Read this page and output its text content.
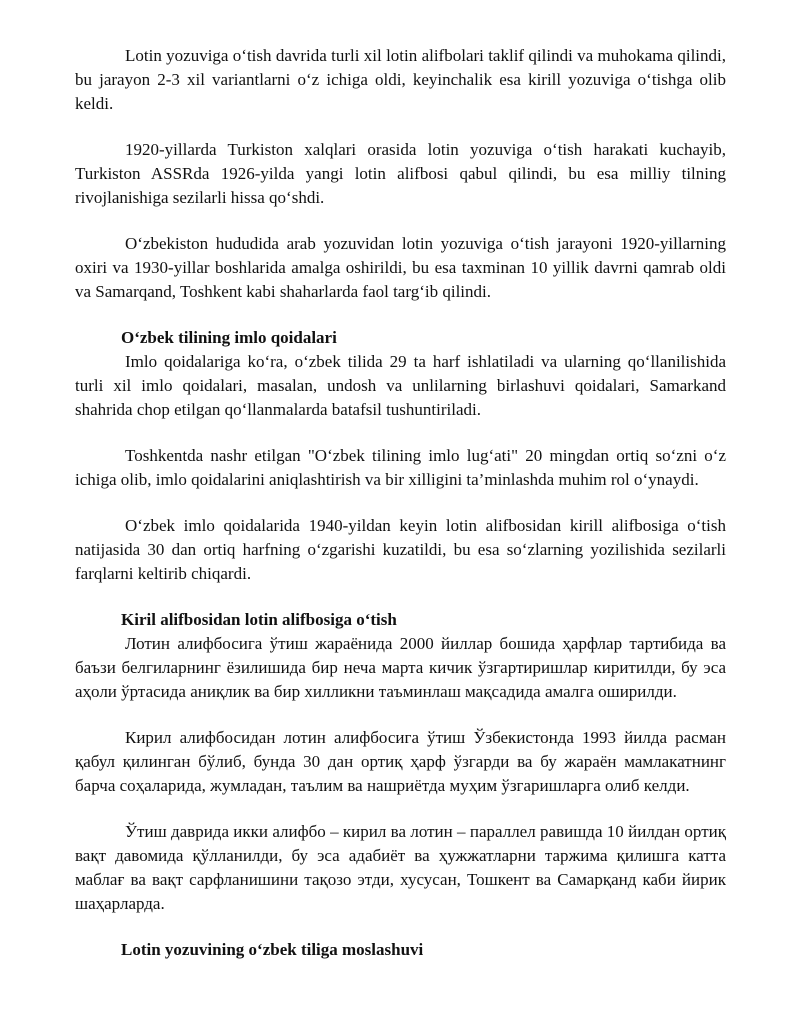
Lotin yozuviga o‘tish davrida turli xil lotin alifbolari taklif qilindi va muhokama qilindi, bu jarayon 2-3 xil variantlarni o‘z ichiga oldi, keyinchalik esa kirill yozuviga o‘tishga olib keldi.

1920-yillarda Turkiston xalqlari orasida lotin yozuviga o‘tish harakati kuchayib, Turkiston ASSRda 1926-yilda yangi lotin alifbosi qabul qilindi, bu esa milliy tilning rivojlanishiga sezilarli hissa qo‘shdi.

O‘zbekiston hududida arab yozuvidan lotin yozuviga o‘tish jarayoni 1920-yillarning oxiri va 1930-yillar boshlarida amalga oshirildi, bu esa taxminan 10 yillik davrni qamrab oldi va Samarqand, Toshkent kabi shaharlarda faol targ‘ib qilindi.

O‘zbek tilining imlo qoidalari

Imlo qoidalariga ko‘ra, o‘zbek tilida 29 ta harf ishlatiladi va ularning qo‘llanilishida turli xil imlo qoidalari, masalan, undosh va unlilarning birlashuvi qoidalari, Samarkand shahrida chop etilgan qo‘llanmalarda batafsil tushuntiriladi.

Toshkentda nashr etilgan "O‘zbek tilining imlo lug‘ati" 20 mingdan ortiq so‘zni o‘z ichiga olib, imlo qoidalarini aniqlashtirish va bir xilligini ta’minlashda muhim rol o‘ynaydi.

O‘zbek imlo qoidalarida 1940-yildan keyin lotin alifbosidan kirill alifbosiga o‘tish natijasida 30 dan ortiq harfning o‘zgarishi kuzatildi, bu esa so‘zlarning yozilishida sezilarli farqlarni keltirib chiqardi.

Kiril alifbosidan lotin alifbosiga o‘tish

Лотин алифбосига ўтиш жараёнида 2000 йиллар бошида ҳарфлар тартибида ва баъзи белгиларнинг ёзилишида бир неча марта кичик ўзгартиришлар киритилди, бу эса аҳоли ўртасида аниқлик ва бир хилликни таъминлаш мақсадида амалга оширилди.

Кирил алифбосидан лотин алифбосига ўтиш Ўзбекистонда 1993 йилда расман қабул қилинган бўлиб, бунда 30 дан ортиқ ҳарф ўзгарди ва бу жараён мамлакатнинг барча соҳаларида, жумладан, таълим ва нашриётда муҳим ўзгаришларга олиб келди.

Ўтиш даврида икки алифбо – кирил ва лотин – параллел равишда 10 йилдан ортиқ вақт давомида қўлланилди, бу эса адабиёт ва ҳужжатларни таржима қилишга катта маблағ ва вақт сарфланишини тақозо этди, хусусан, Тошкент ва Самарқанд каби йирик шаҳарларда.

Lotin yozuvining o‘zbek tiliga moslashuvi
